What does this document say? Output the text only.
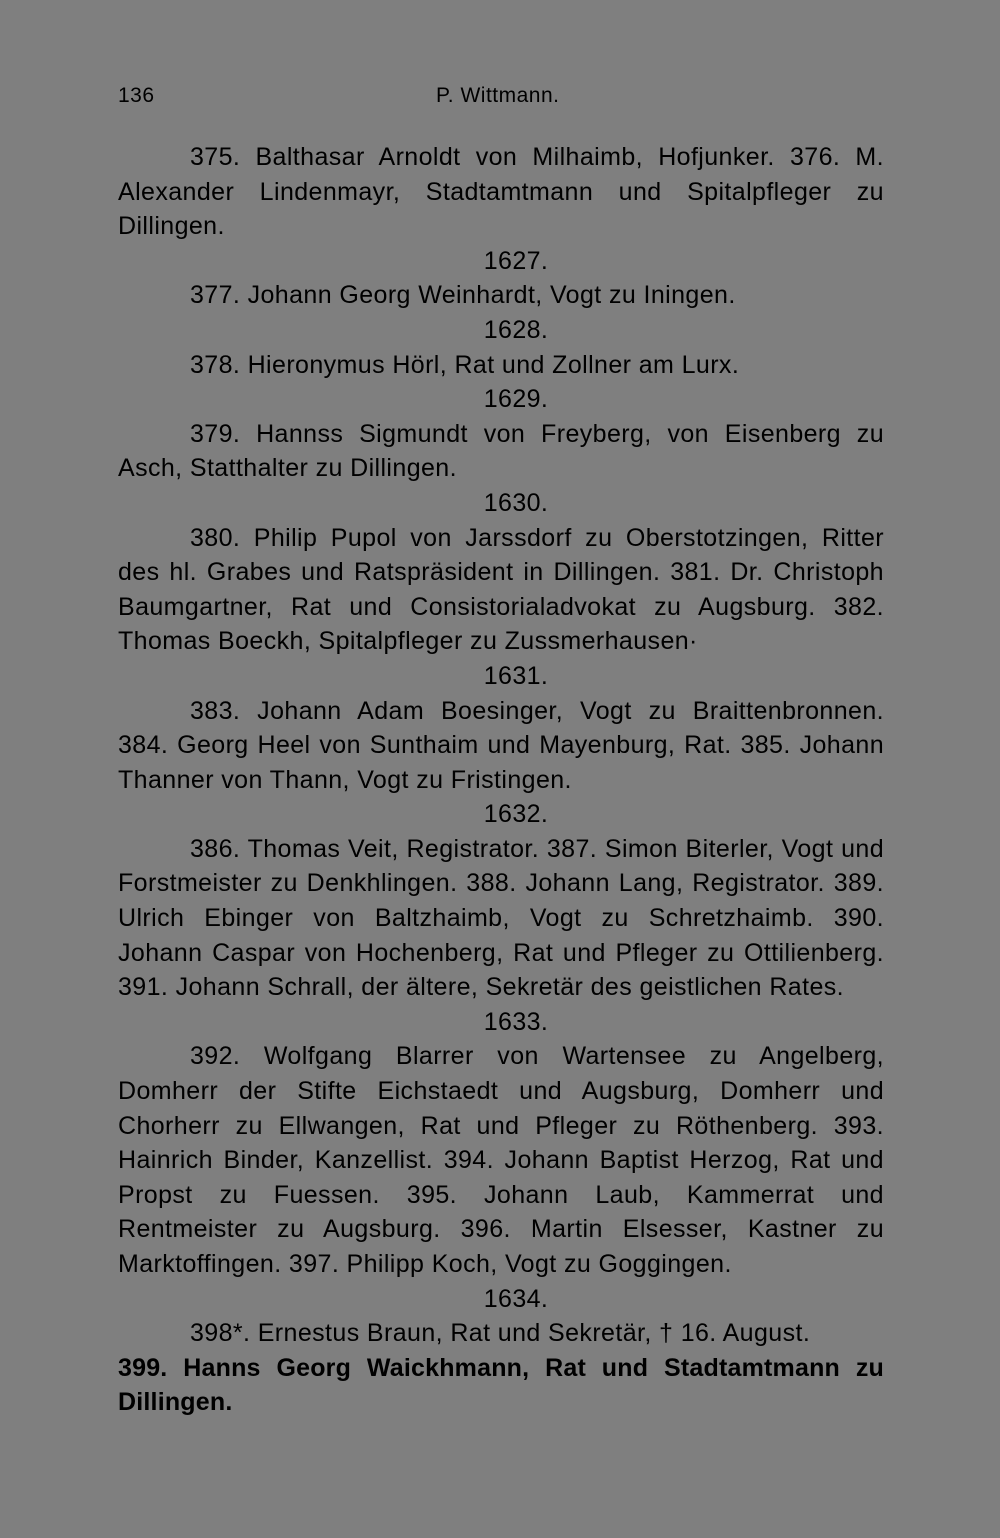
136	P. Wittmann.

375. Balthasar Arnoldt von Milhaimb, Hofjunker. 376. M. Alexander Lindenmayr, Stadtamtmann und Spitalpfleger zu Dillingen.

1627.

377. Johann Georg Weinhardt, Vogt zu Iningen.

1628.

378. Hieronymus Hörl, Rat und Zollner am Lurx.

1629.

379. Hannss Sigmundt von Freyberg, von Eisenberg zu Asch, Statthalter zu Dillingen.

1630.

380. Philip Pupol von Jarssdorf zu Oberstotzingen, Ritter des hl. Grabes und Ratspräsident in Dillingen. 381. Dr. Christoph Baumgartner, Rat und Consistorialadvokat zu Augsburg. 382. Thomas Boeckh, Spitalpfleger zu Zussmerhausen·

1631.

383. Johann Adam Boesinger, Vogt zu Braittenbronnen. 384. Georg Heel von Sunthaim und Mayenburg, Rat. 385. Johann Thanner von Thann, Vogt zu Fristingen.

1632.

386. Thomas Veit, Registrator. 387. Simon Biterler, Vogt und Forstmeister zu Denkhlingen. 388. Johann Lang, Registrator. 389. Ulrich Ebinger von Baltzhaimb, Vogt zu Schretzhaimb. 390. Johann Caspar von Hochenberg, Rat und Pfleger zu Ottilienberg. 391. Johann Schrall, der ältere, Sekretär des geistlichen Rates.

1633.

392. Wolfgang Blarrer von Wartensee zu Angelberg, Domherr der Stifte Eichstaedt und Augsburg, Domherr und Chorherr zu Ellwangen, Rat und Pfleger zu Röthenberg. 393. Hainrich Binder, Kanzellist. 394. Johann Baptist Herzog, Rat und Propst zu Fuessen. 395. Johann Laub, Kammerrat und Rentmeister zu Augsburg. 396. Martin Elsesser, Kastner zu Marktoffingen. 397. Philipp Koch, Vogt zu Goggingen.

1634.

398*. Ernestus Braun, Rat und Sekretär, † 16. August.

399. Hanns Georg Waickhmann, Rat und Stadtamtmann zu Dillingen.
